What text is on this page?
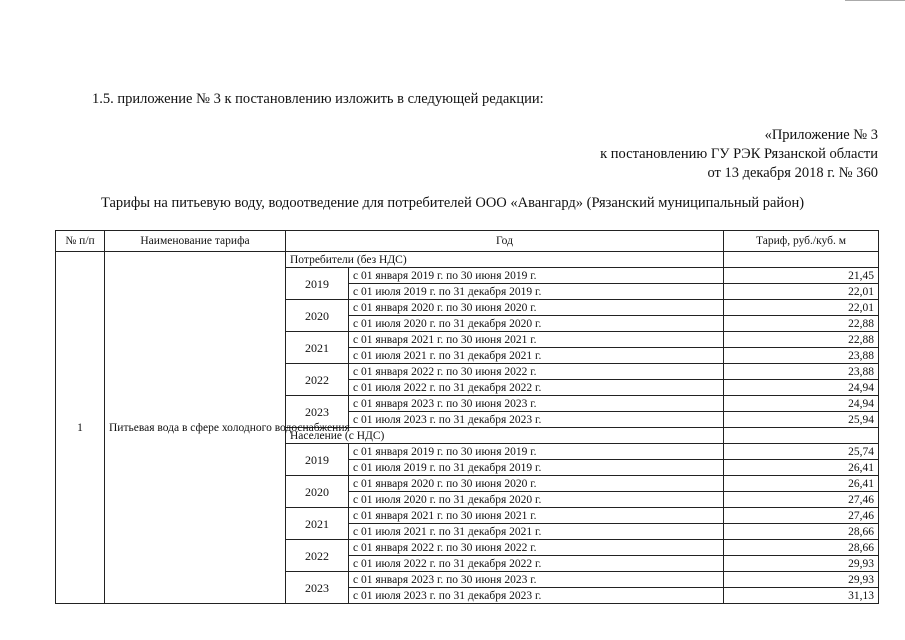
1.5. приложение № 3 к постановлению изложить в следующей редакции:
«Приложение № 3
к постановлению ГУ РЭК Рязанской области
от 13 декабря 2018 г. № 360
Тарифы на питьевую воду, водоотведение для потребителей ООО «Авангард» (Рязанский муниципальный район)
№ п/п	Наименование тарифа	Год		Тариф, руб./куб. м
1	Питьевая вода в сфере холодного водоснабжения	Потребители (без НДС)		
		2019	с 01 января 2019 г. по 30 июня 2019 г.	21,45
			с 01 июля 2019 г. по 31 декабря 2019 г.	22,01
		2020	с 01 января 2020 г. по 30 июня 2020 г.	22,01
			с 01 июля 2020 г. по 31 декабря 2020 г.	22,88
		2021	с 01 января 2021 г. по 30 июня 2021 г.	22,88
			с 01 июля 2021 г. по 31 декабря 2021 г.	23,88
		2022	с 01 января 2022 г. по 30 июня 2022 г.	23,88
			с 01 июля 2022 г. по 31 декабря 2022 г.	24,94
		2023	с 01 января 2023 г. по 30 июня 2023 г.	24,94
			с 01 июля 2023 г. по 31 декабря 2023 г.	25,94
		Население (с НДС)		
		2019	с 01 января 2019 г. по 30 июня 2019 г.	25,74
			с 01 июля 2019 г. по 31 декабря 2019 г.	26,41
		2020	с 01 января 2020 г. по 30 июня 2020 г.	26,41
			с 01 июля 2020 г. по 31 декабря 2020 г.	27,46
		2021	с 01 января 2021 г. по 30 июня 2021 г.	27,46
			с 01 июля 2021 г. по 31 декабря 2021 г.	28,66
		2022	с 01 января 2022 г. по 30 июня 2022 г.	28,66
			с 01 июля 2022 г. по 31 декабря 2022 г.	29,93
		2023	с 01 января 2023 г. по 30 июня 2023 г.	29,93
			с 01 июля 2023 г. по 31 декабря 2023 г.	31,13
